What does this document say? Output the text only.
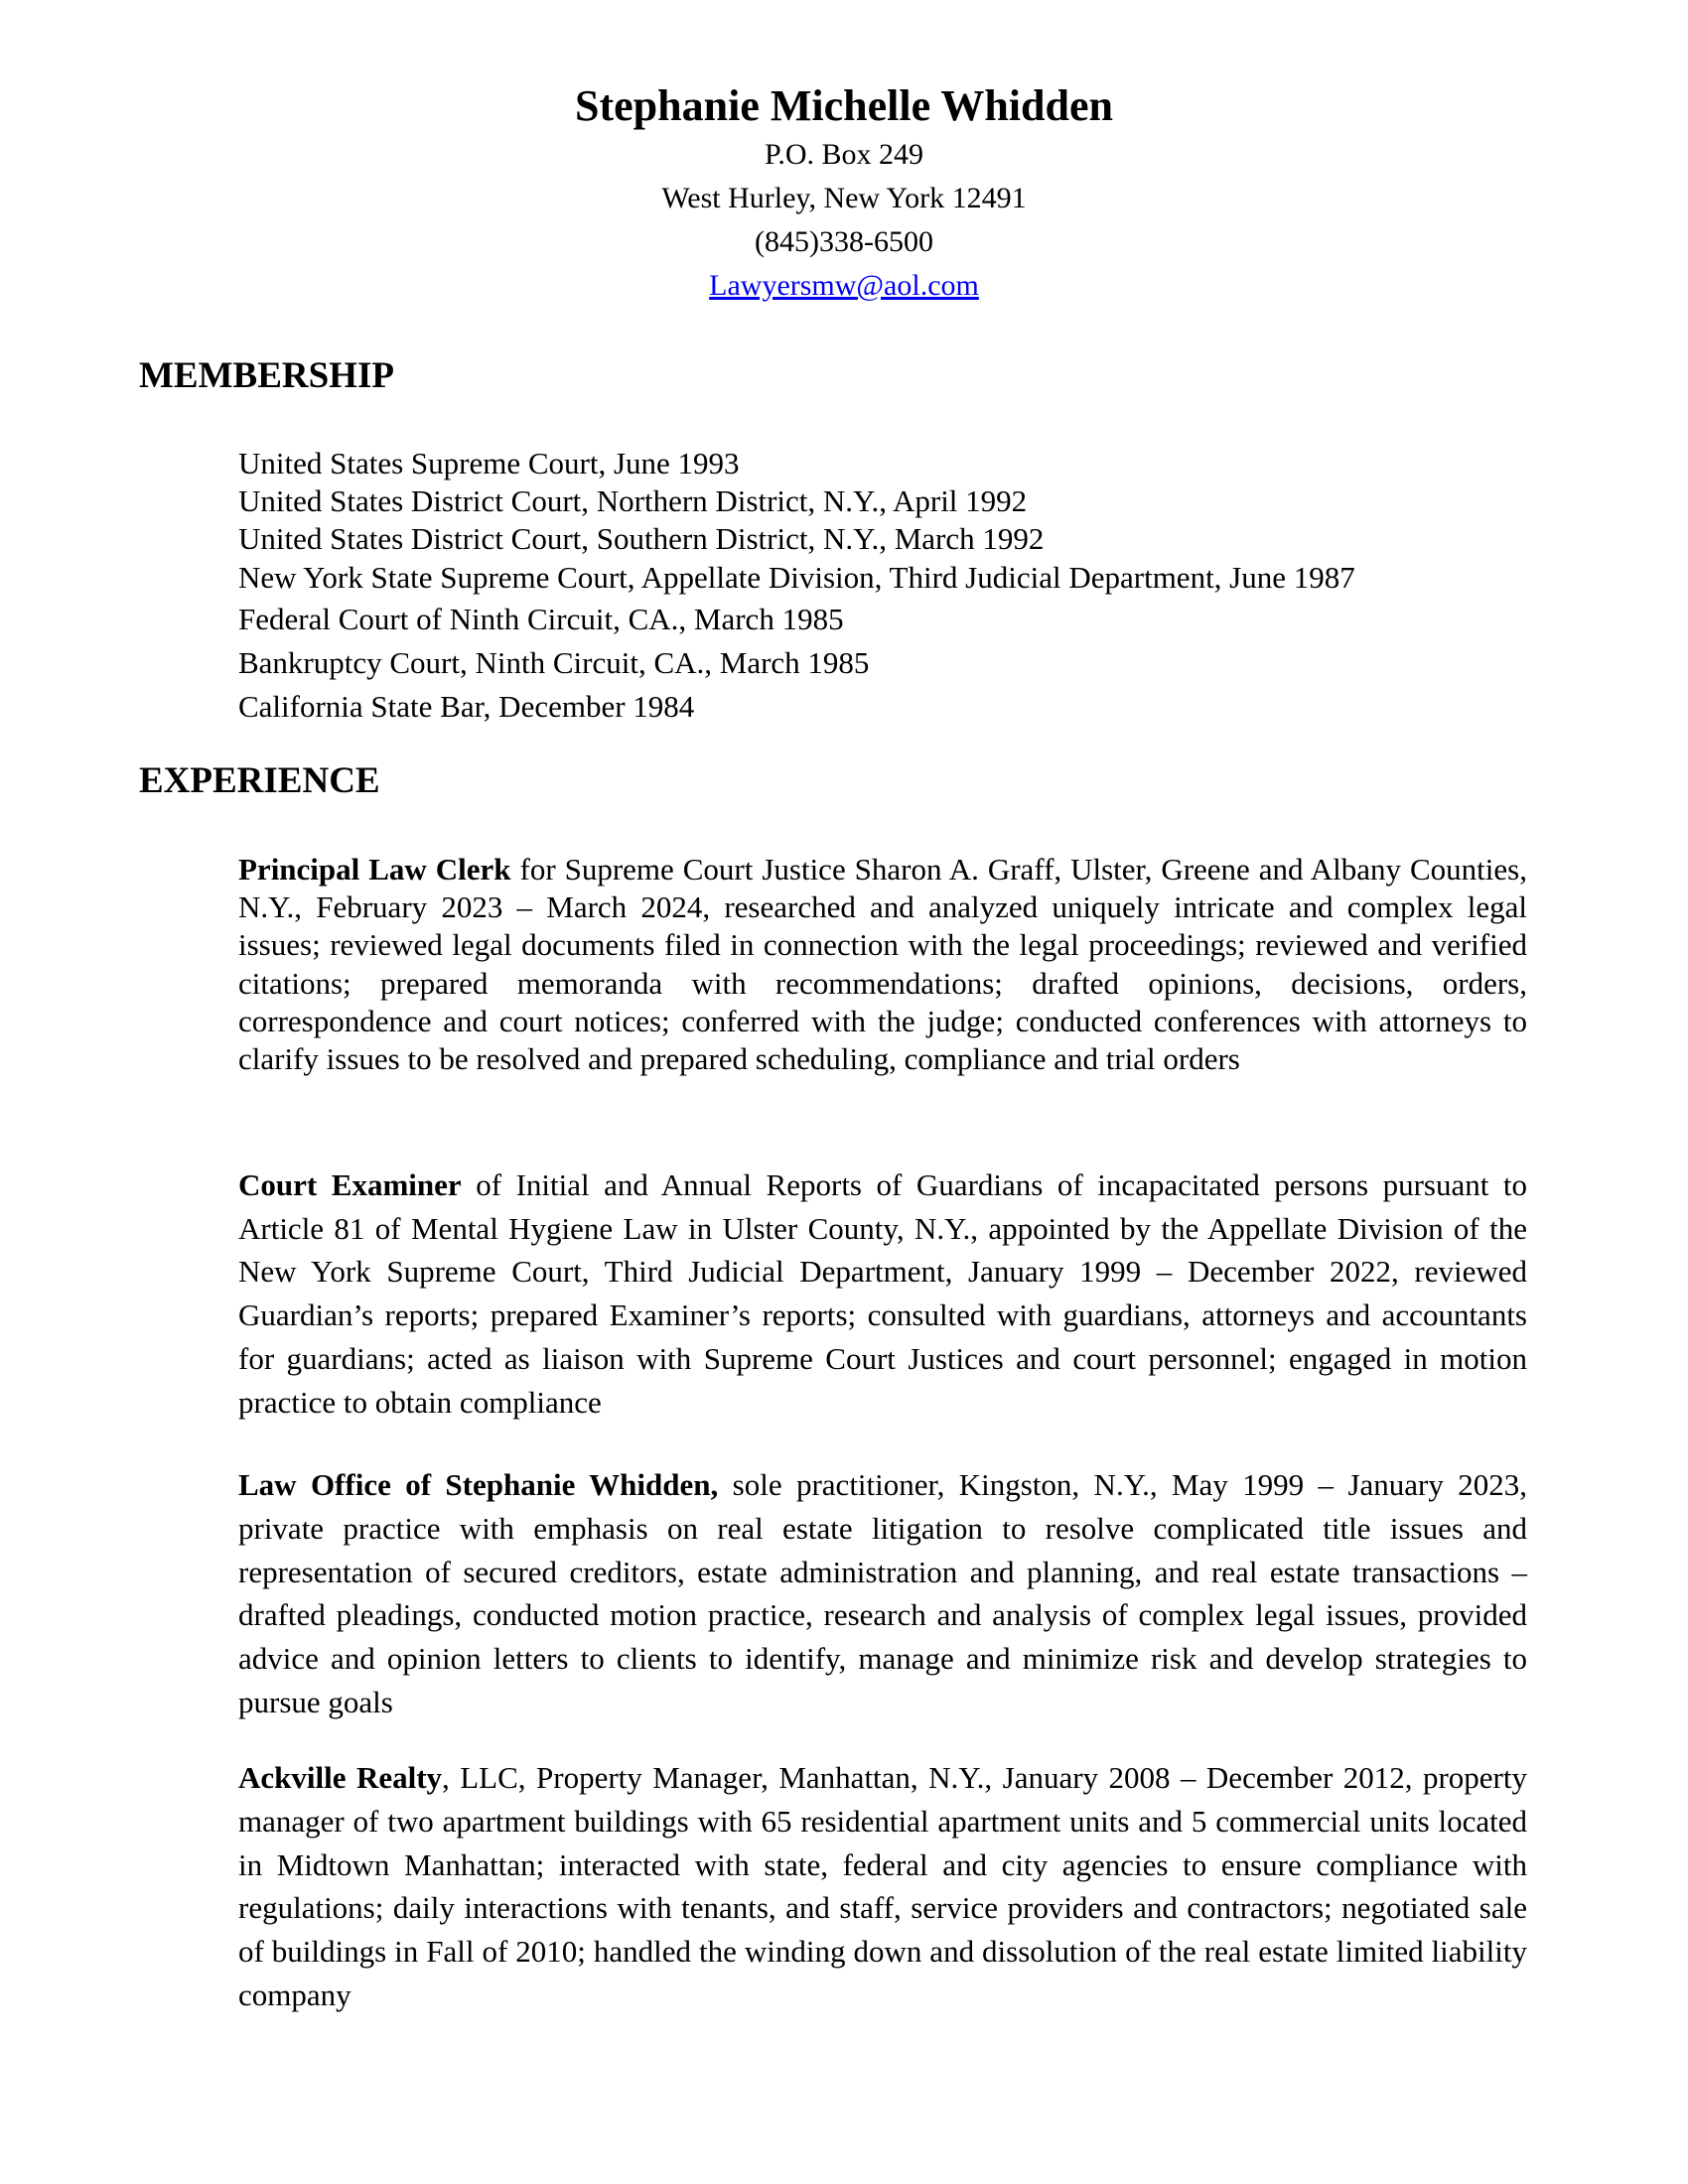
Stephanie Michelle Whidden
P.O. Box 249
West Hurley, New York 12491
(845)338-6500
Lawyersmw@aol.com
MEMBERSHIP
United States Supreme Court, June 1993
United States District Court, Northern District, N.Y., April 1992
United States District Court, Southern District, N.Y., March 1992
New York State Supreme Court, Appellate Division, Third Judicial Department, June 1987
Federal Court of Ninth Circuit, CA., March 1985
Bankruptcy Court, Ninth Circuit, CA., March 1985
California State Bar, December 1984
EXPERIENCE

Principal Law Clerk for Supreme Court Justice Sharon A. Graff, Ulster, Greene and Albany Counties, N.Y., February 2023 – March 2024, researched and analyzed uniquely intricate and complex legal issues; reviewed legal documents filed in connection with the legal proceedings; reviewed and verified citations; prepared memoranda with recommendations; drafted opinions, decisions, orders, correspondence and court notices; conferred with the judge; conducted conferences with attorneys to clarify issues to be resolved and prepared scheduling, compliance and trial orders

Court Examiner of Initial and Annual Reports of Guardians of incapacitated persons pursuant to Article 81 of Mental Hygiene Law in Ulster County, N.Y., appointed by the Appellate Division of the New York Supreme Court, Third Judicial Department, January 1999 – December 2022, reviewed Guardian’s reports; prepared Examiner’s reports; consulted with guardians, attorneys and accountants for guardians; acted as liaison with Supreme Court Justices and court personnel; engaged in motion practice to obtain compliance

Law Office of Stephanie Whidden, sole practitioner, Kingston, N.Y., May 1999 – January 2023, private practice with emphasis on real estate litigation to resolve complicated title issues and representation of secured creditors, estate administration and planning, and real estate transactions – drafted pleadings, conducted motion practice, research and analysis of complex legal issues, provided advice and opinion letters to clients to identify, manage and minimize risk and develop strategies to pursue goals

Ackville Realty, LLC, Property Manager, Manhattan, N.Y., January 2008 – December 2012, property manager of two apartment buildings with 65 residential apartment units and 5 commercial units located in Midtown Manhattan; interacted with state, federal and city agencies to ensure compliance with regulations; daily interactions with tenants, and staff, service providers and contractors; negotiated sale of buildings in Fall of 2010; handled the winding down and dissolution of the real estate limited liability company
